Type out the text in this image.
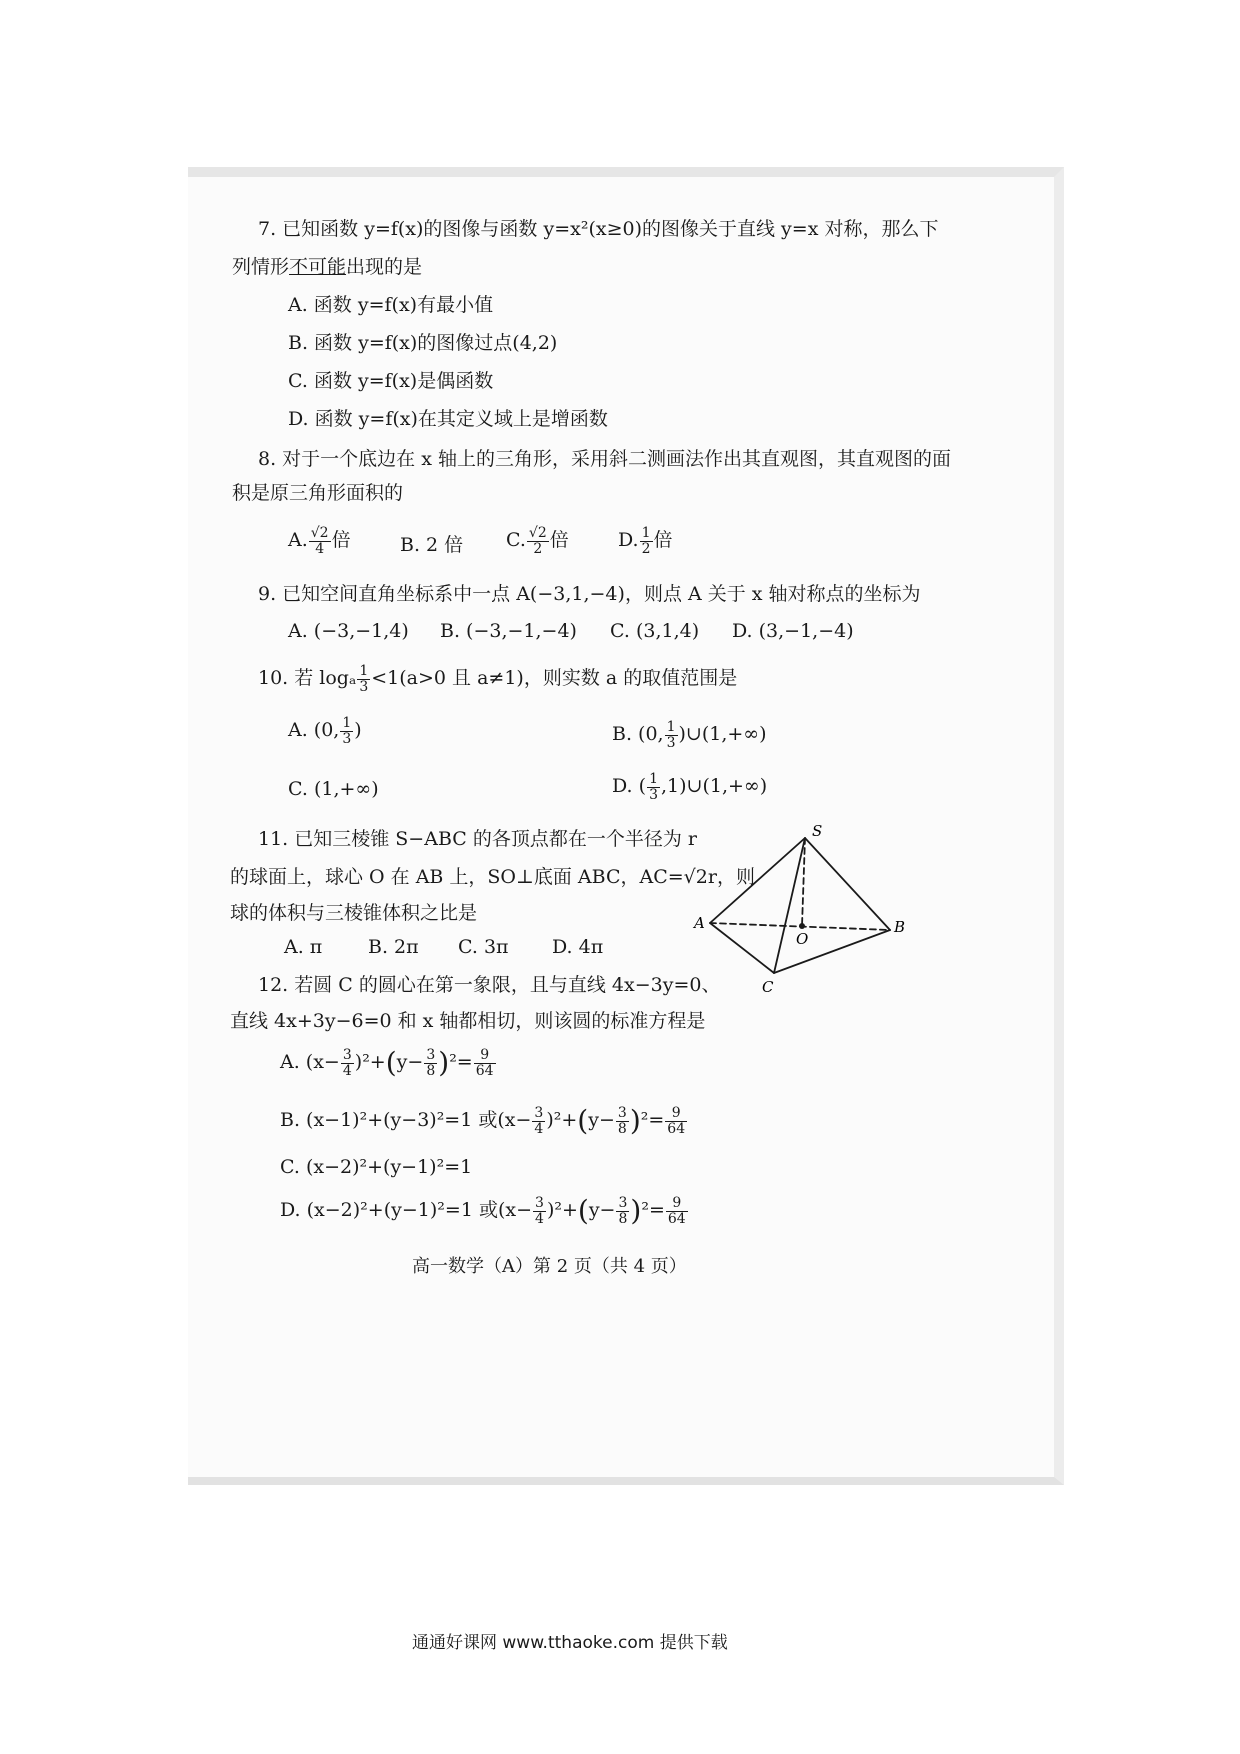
7. 已知函数 y=f(x)的图像与函数 y=x²(x≥0)的图像关于直线 y=x 对称，那么下
列情形不可能出现的是
A. 函数 y=f(x)有最小值
B. 函数 y=f(x)的图像过点(4,2)
C. 函数 y=f(x)是偶函数
D. 函数 y=f(x)在其定义域上是增函数
8. 对于一个底边在 x 轴上的三角形，采用斜二测画法作出其直观图，其直观图的面
积是原三角形面积的
A. $\frac{√2}{4}$ 倍	B. 2 倍 C. $\frac{√2}{2}$ 倍	D. $\frac{1}{2}$ 倍
9. 已知空间直角坐标系中一点 A(−3,1,−4)，则点 A 关于 x 轴对称点的坐标为
A. (−3,−1,4) B. (−3,−1,−4) C. (3,1,4) D. (3,−1,−4)
10. 若 logₐ $\frac{1}{3} <1(a>0$ 且 a≠1)，则实数 a 的取值范围是
A. (0, $\frac{1}{3}$ )	B. (0, $\frac{1}{3}$ )∪(1,+∞)
C. (1,+∞)	D. ( $\frac{1}{3}$ ,1)∪(1,+∞)
11. 已知三棱锥 S−ABC 的各顶点都在一个半径为 r
的球面上，球心 O 在 AB 上，SO⊥底面 ABC，AC=√2r，则
球的体积与三棱锥体积之比是
A. π B. 2π C. 3π D. 4π
S
A	B
C
O
12. 若圆 C 的圆心在第一象限，且与直线 4x−3y=0、
直线 4x+3y−6=0 和 x 轴都相切，则该圆的标准方程是
A. $(x- \frac{3}{4} )^2+(y- \frac{3}{8} )^2= \frac{9}{64}$
B. (x−1)²+(y−3)²=1 或$(x- \frac{3}{4} )^2+(y- \frac{3}{8} )^2= \frac{9}{64}$
C. (x−2)²+(y−1)²=1
D. (x−2)²+(y−1)²=1 或$(x- \frac{3}{4} )^2+(y- \frac{3}{8} )^2= \frac{9}{64}$
高一数学（A）第 2 页（共 4 页）
通通好课网 www.tthaoke.com 提供下载
